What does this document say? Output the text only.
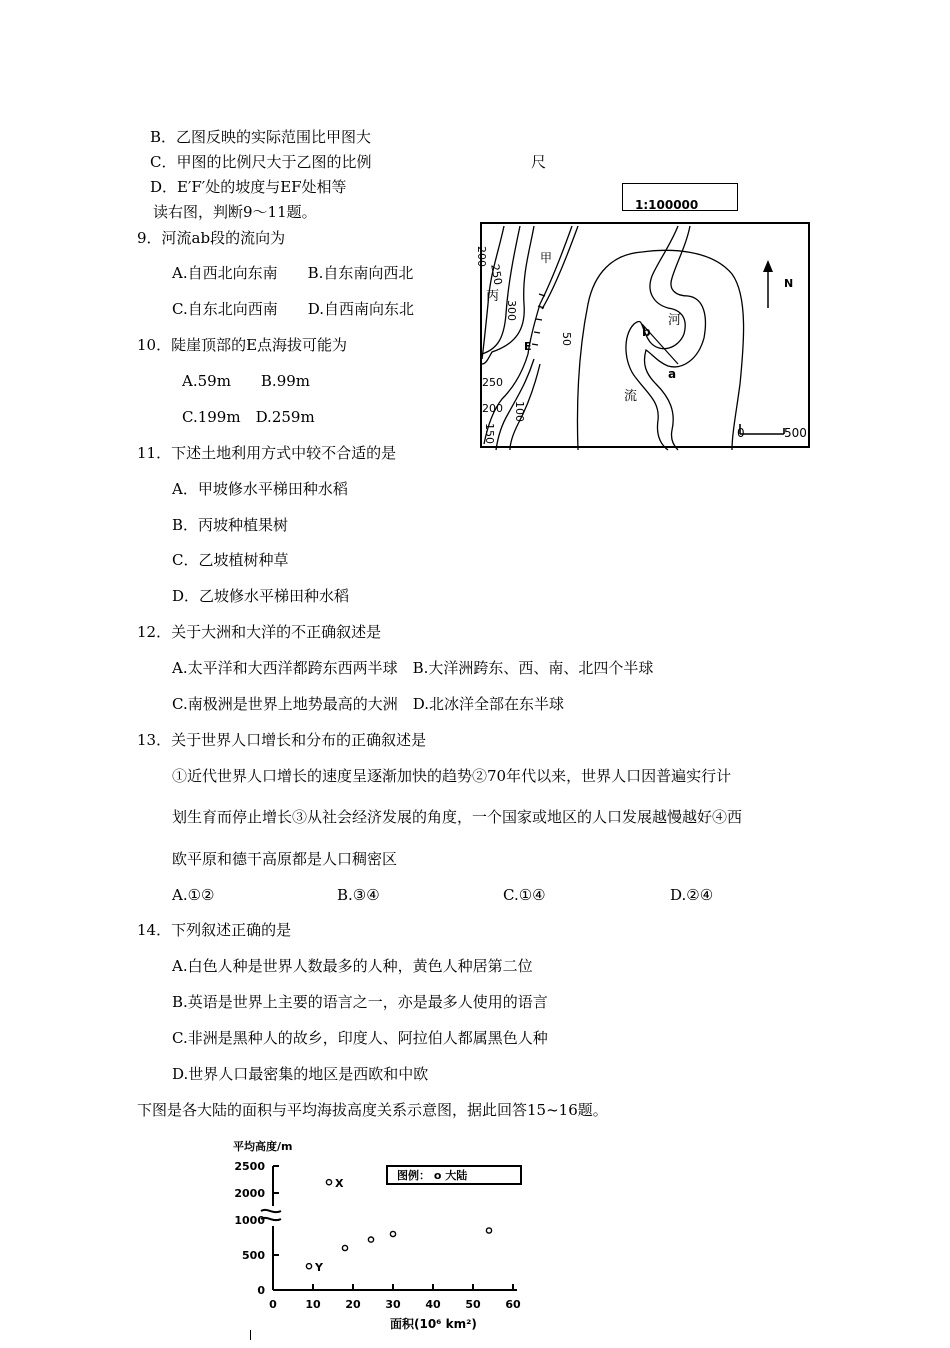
B．乙图反映的实际范围比甲图大
C．甲图的比例尺大于乙图的比例	尺
D．E′F′处的坡度与EF处相等
读右图，判断9～11题。
9．河流ab段的流向为
A.自西北向东南　　B.自东南向西北
C.自东北向西南　　D.自西南向东北
10．陡崖顶部的E点海拔可能为
A.59m　　B.99m
C.199m　D.259m
11．下述土地利用方式中较不合适的是
A．甲坡修水平梯田种水稻
B．丙坡种植果树
C．乙坡植树种草
D．乙坡修水平梯田种水稻
12．关于大洲和大洋的不正确叙述是
A.太平洋和大西洋都跨东西两半球　B.大洋洲跨东、西、南、北四个半球
C.南极洲是世界上地势最高的大洲　D.北冰洋全部在东半球
13．关于世界人口增长和分布的正确叙述是
①近代世界人口增长的速度呈逐渐加快的趋势②70年代以来，世界人口因普遍实行计
划生育而停止增长③从社会经济发展的角度，一个国家或地区的人口发展越慢越好④西
欧平原和德干高原都是人口稠密区
A.①②	B.③④	C.①④	D.②④
14．下列叙述正确的是
A.白色人种是世界人数最多的人种，黄色人种居第二位
B.英语是世界上主要的语言之一，亦是最多人使用的语言
C.非洲是黑种人的故乡，印度人、阿拉伯人都属黑色人种
D.世界人口最密集的地区是西欧和中欧
下图是各大陆的面积与平均海拔高度关系示意图，据此回答15~16题。
1:100000
N
甲
丙
河
流
E
a
b
200
250
300
50
250
200 100
150	0	500
平均高度/m
图例： o 大陆
0
500
1000
2000
2500
0	10 20 30 40 50 60
Y
X
面积(10⁶ km²)
